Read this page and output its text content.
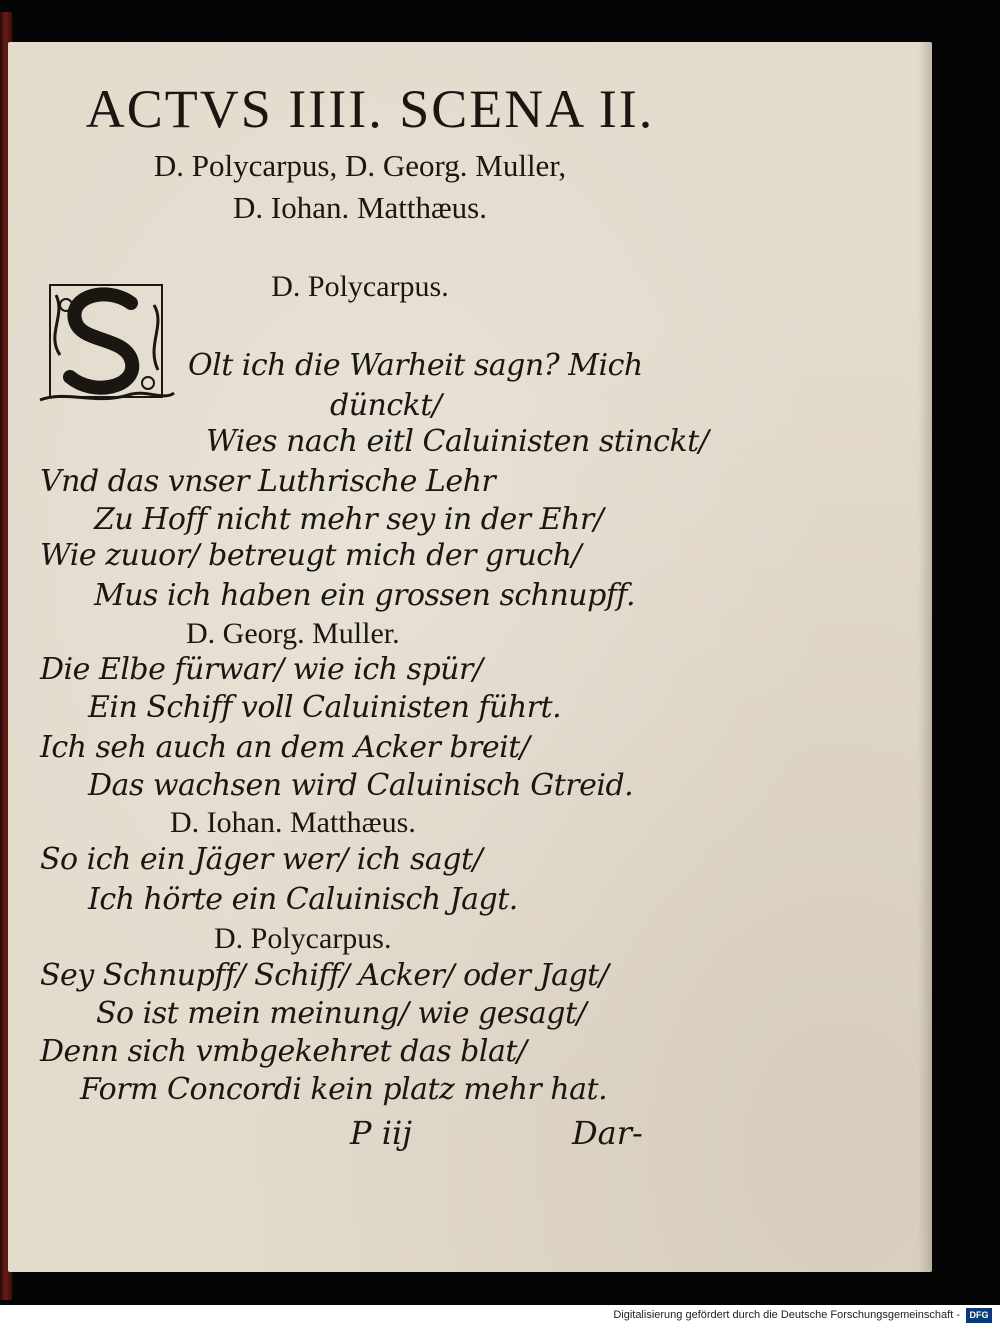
ACTVS IIII. SCENA II.
D. Polycarpus, D. Georg. Muller,
D. Iohan. Matthæus.
D. Polycarpus.
Olt ich die Warheit sagn? Mich
dünckt/
Wies nach eitl Caluinisten stinckt/
Vnd das vnser Luthrische Lehr
Zu Hoff nicht mehr sey in der Ehr/
Wie zuuor/ betreugt mich der gruch/
Mus ich haben ein grossen schnupff.
D. Georg. Muller.
Die Elbe fürwar/ wie ich spür/
Ein Schiff voll Caluinisten führt.
Ich seh auch an dem Acker breit/
Das wachsen wird Caluinisch Gtreid.
D. Iohan. Matthæus.
So ich ein Jäger wer/ ich sagt/
Ich hörte ein Caluinisch Jagt.
D. Polycarpus.
Sey Schnupff/ Schiff/ Acker/ oder Jagt/
So ist mein meinung/ wie gesagt/
Denn sich vmbgekehret das blat/
Form Concordi kein platz mehr hat.
P iij	Dar-
Digitalisierung gefördert durch die Deutsche Forschungsgemeinschaft -	DFG
